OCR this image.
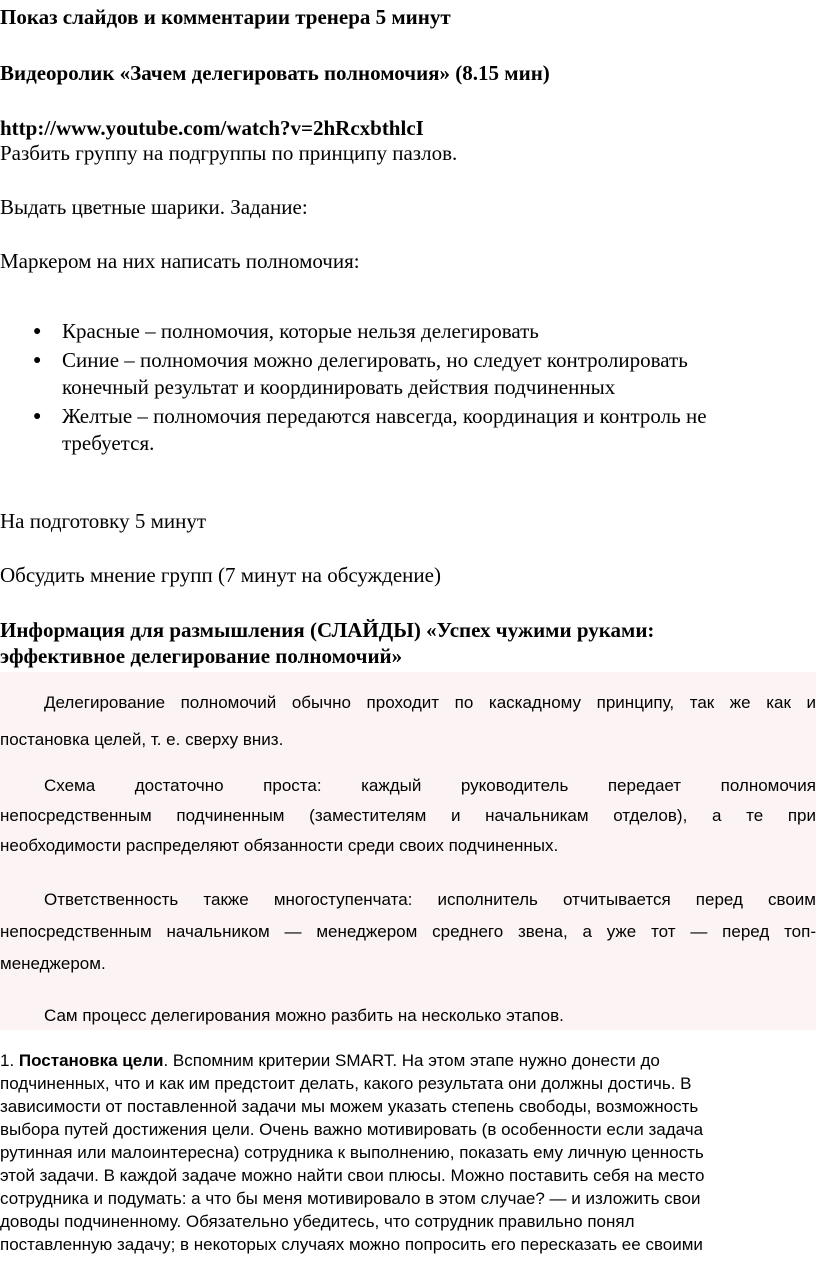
Показ слайдов и комментарии тренера 5 минут

Видеоролик «Зачем делегировать полномочия» (8.15 мин)

http://www.youtube.com/watch?v=2hRcxbthlcI

Разбить группу на подгруппы по принципу пазлов.

Выдать цветные шарики. Задание:

Маркером на них написать полномочия:

● Красные – полномочия, которые нельзя делегировать
● Синие – полномочия можно делегировать, но следует контролировать
конечный результат и координировать действия подчиненных
● Желтые – полномочия передаются навсегда, координация и контроль не
требуется.

На подготовку 5 минут

Обсудить мнение групп (7 минут на обсуждение)

Информация для размышления (СЛАЙДЫ) «Успех чужими руками:

эффективное делегирование полномочий»

Делегирование полномочий обычно проходит по каскадному принципу, так же как и
постановка целей, т. е. сверху вниз.
Схема достаточно проста: каждый руководитель передает полномочия
непосредственным подчиненным (заместителям и начальникам отделов), а те при
необходимости распределяют обязанности среди своих подчиненных.
Ответственность также многоступенчата: исполнитель отчитывается перед своим
непосредственным начальником — менеджером среднего звена, а уже тот — перед топ-
менеджером.
Сам процесс делегирования можно разбить на несколько этапов.
1. Постановка цели. Вспомним критерии SMART. На этом этапе нужно донести до
подчиненных, что и как им предстоит делать, какого результата они должны достичь. В
зависимости от поставленной задачи мы можем указать степень свободы, возможность
выбора путей достижения цели. Очень важно мотивировать (в особенности если задача
рутинная или малоинтересна) сотрудника к выполнению, показать ему личную ценность
этой задачи. В каждой задаче можно найти свои плюсы. Можно поставить себя на место
сотрудника и подумать: а что бы меня мотивировало в этом случае? — и изложить свои
доводы подчиненному. Обязательно убедитесь, что сотрудник правильно понял
поставленную задачу; в некоторых случаях можно попросить его пересказать ее своими
